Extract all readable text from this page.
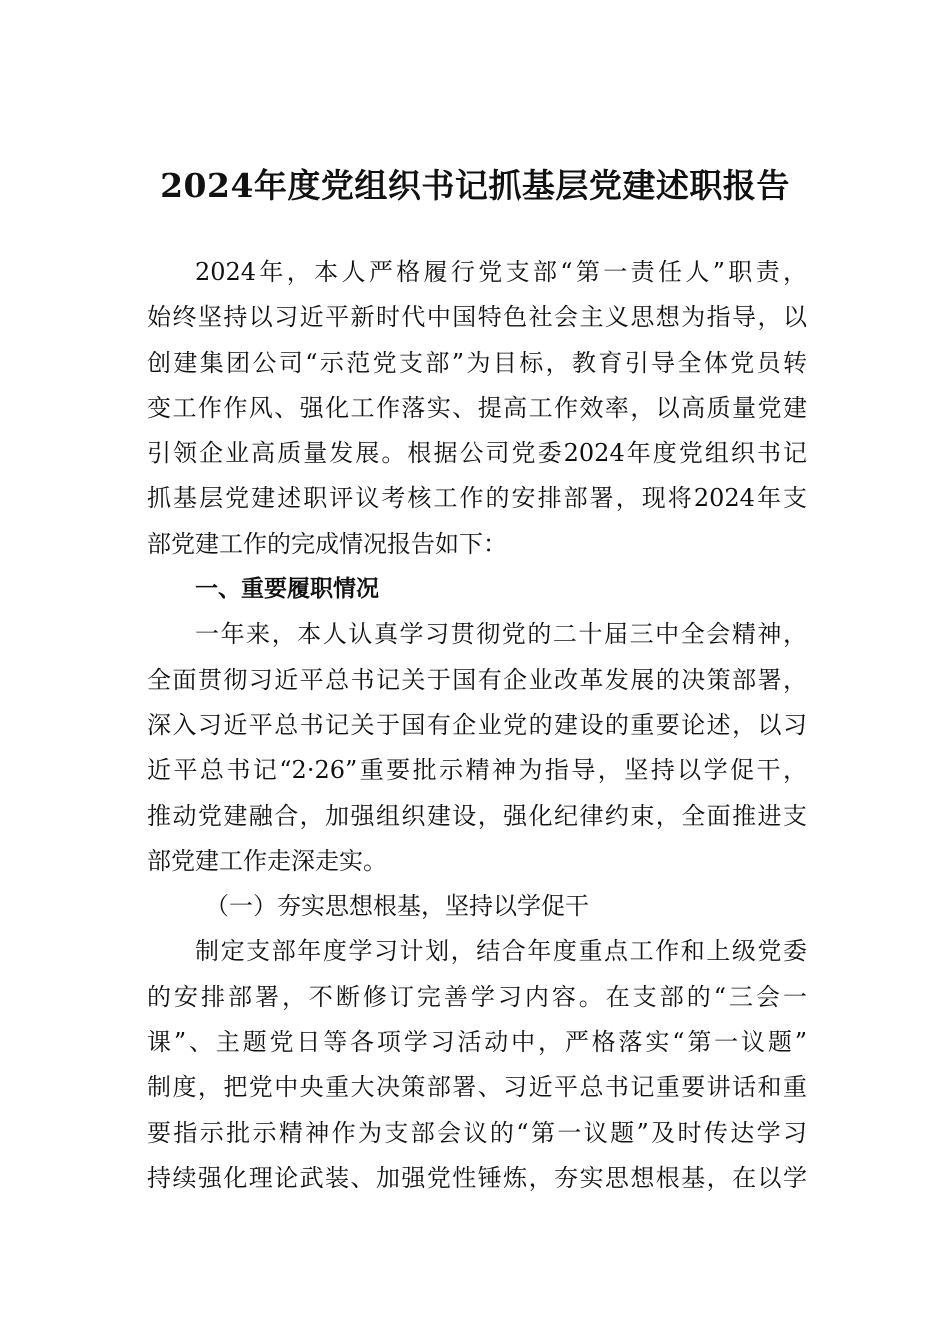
2024年度党组织书记抓基层党建述职报告
2024年，本人严格履行党支部“第一责任人”职责，
始终坚持以习近平新时代中国特色社会主义思想为指导，以
创建集团公司“示范党支部”为目标，教育引导全体党员转
变工作作风、强化工作落实、提高工作效率，以高质量党建
引领企业高质量发展。根据公司党委2024年度党组织书记
抓基层党建述职评议考核工作的安排部署，现将2024年支
部党建工作的完成情况报告如下：
一、重要履职情况
一年来，本人认真学习贯彻党的二十届三中全会精神，
全面贯彻习近平总书记关于国有企业改革发展的决策部署，
深入习近平总书记关于国有企业党的建设的重要论述，以习
近平总书记“2·26”重要批示精神为指导，坚持以学促干，
推动党建融合，加强组织建设，强化纪律约束，全面推进支
部党建工作走深走实。
（一）夯实思想根基，坚持以学促干
制定支部年度学习计划，结合年度重点工作和上级党委
的安排部署，不断修订完善学习内容。在支部的“三会一
课”、主题党日等各项学习活动中，严格落实“第一议题”
制度，把党中央重大决策部署、习近平总书记重要讲话和重
要指示批示精神作为支部会议的“第一议题”及时传达学习
持续强化理论武装、加强党性锤炼，夯实思想根基，在以学
